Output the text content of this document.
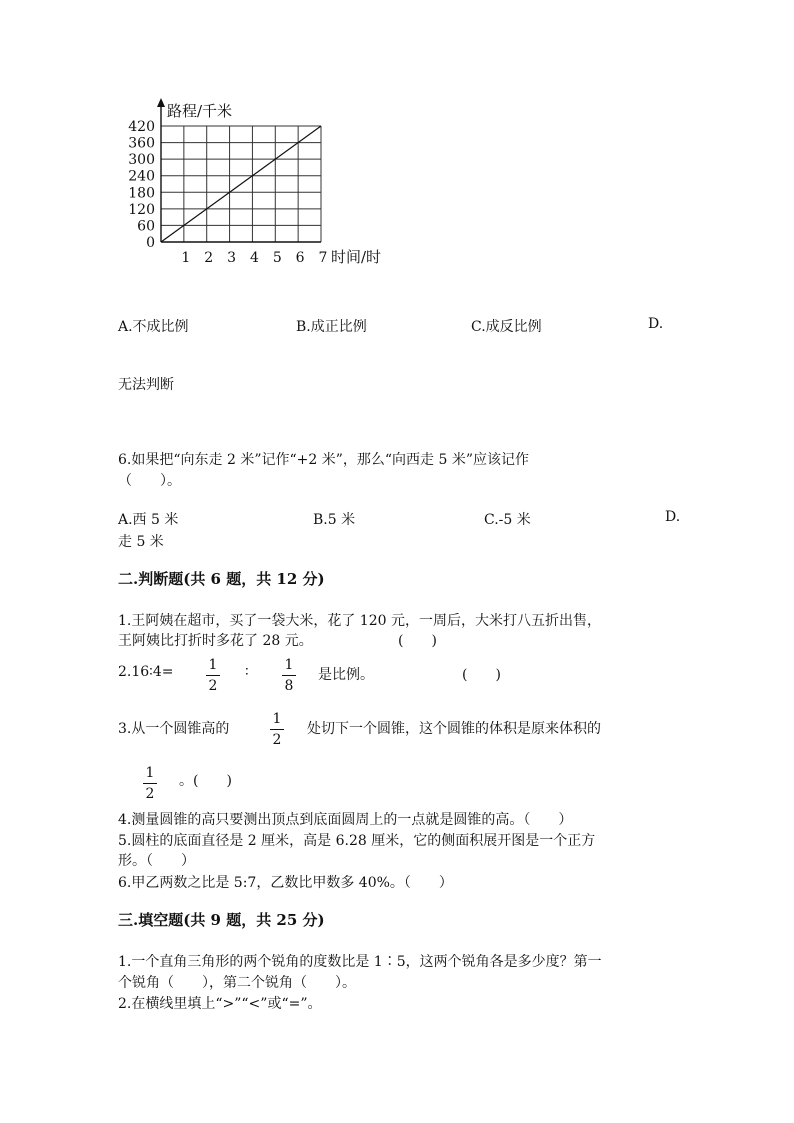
420
360
300
240
180
120
60
0
1 2 3 4 5 6 7
路程/千米
时间/时
A.不成比例	B.成正比例	C.成反比例	D.
无法判断
6.如果把“向东走 2 米”记作“+2 米”，那么“向西走 5 米”应该记作
（　　）。
A.西 5 米	B.5 米	C.-5 米	D.
走 5 米
二.判断题(共 6 题，共 12 分)
1.王阿姨在超市，买了一袋大米，花了 120 元，一周后，大米打八五折出售，
王阿姨比打折时多花了 28 元。	(　　)
2.16∶4=	1
2
∶	1
8
是比例。	(　　)
3.从一个圆锥高的
1
2
处切下一个圆锥，这个圆锥的体积是原来体积的
1
2
。(　　)
4.测量圆锥的高只要测出顶点到底面圆周上的一点就是圆锥的高。（　　）
5.圆柱的底面直径是 2 厘米，高是 6.28 厘米，它的侧面积展开图是一个正方
形。（　　）
6.甲乙两数之比是 5:7，乙数比甲数多 40%。（　　）
三.填空题(共 9 题，共 25 分)
1.一个直角三角形的两个锐角的度数比是 1∶5，这两个锐角各是多少度？第一
个锐角（　　），第二个锐角（　　）。
2.在横线里填上“>”“<”或“=”。
